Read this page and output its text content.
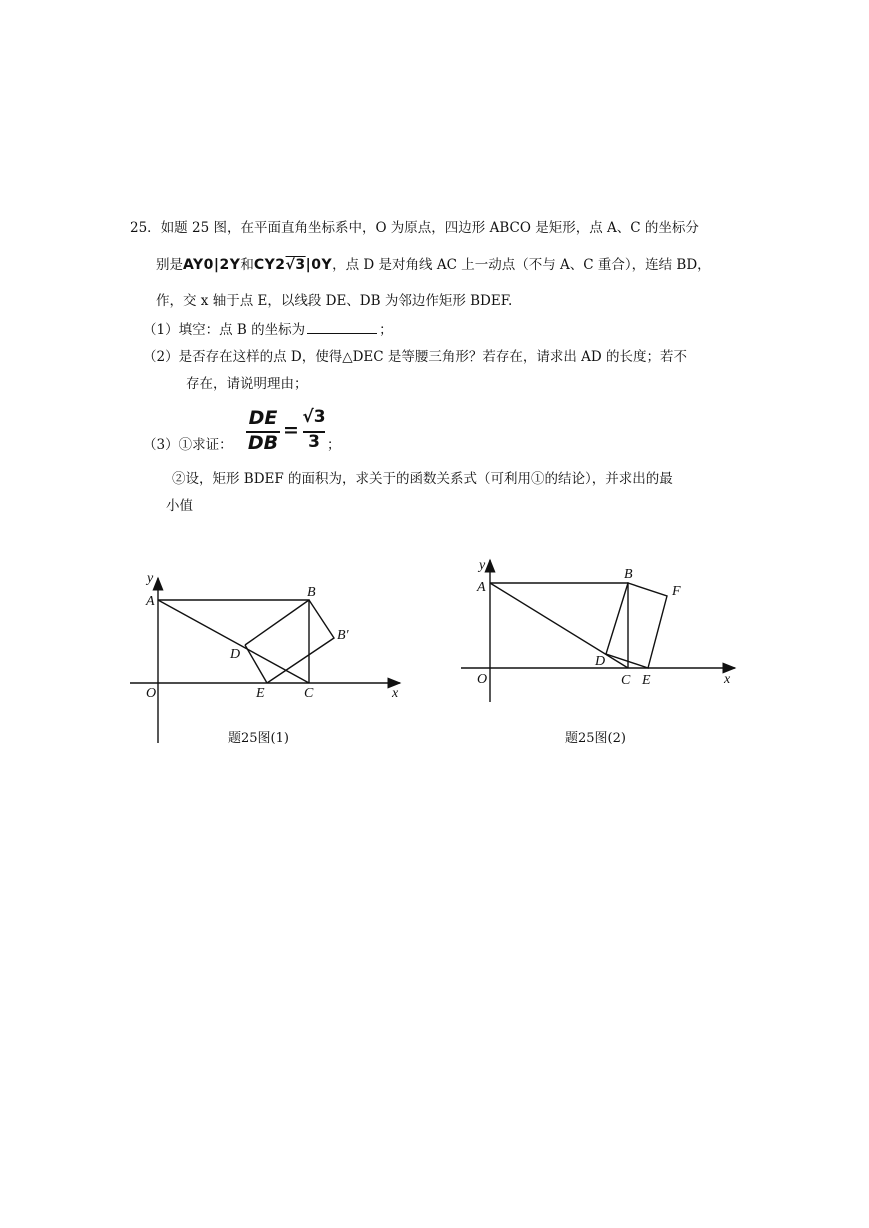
25．如题 25 图，在平面直角坐标系中，O 为原点，四边形 ABCO 是矩形，点 A、C 的坐标分
别是AY0|2Y和CY2√3|0Y，点 D 是对角线 AC 上一动点（不与 A、C 重合），连结 BD，
作，交 x 轴于点 E，以线段 DE、DB 为邻边作矩形 BDEF.
（1）填空：点 B 的坐标为	；
（2）是否存在这样的点 D，使得△DEC 是等腰三角形？若存在，请求出 AD 的长度；若不
存在，请说明理由；
（3）①求证：
DE
DB
=
√3
3 ；
②设，矩形 BDEF 的面积为，求关于的函数关系式（可利用①的结论），并求出的最
小值
y
A
B
B′
D
O	E	C	x
题25图(1)
y
A
B
F
D
O	C E	x
题25图(2)
